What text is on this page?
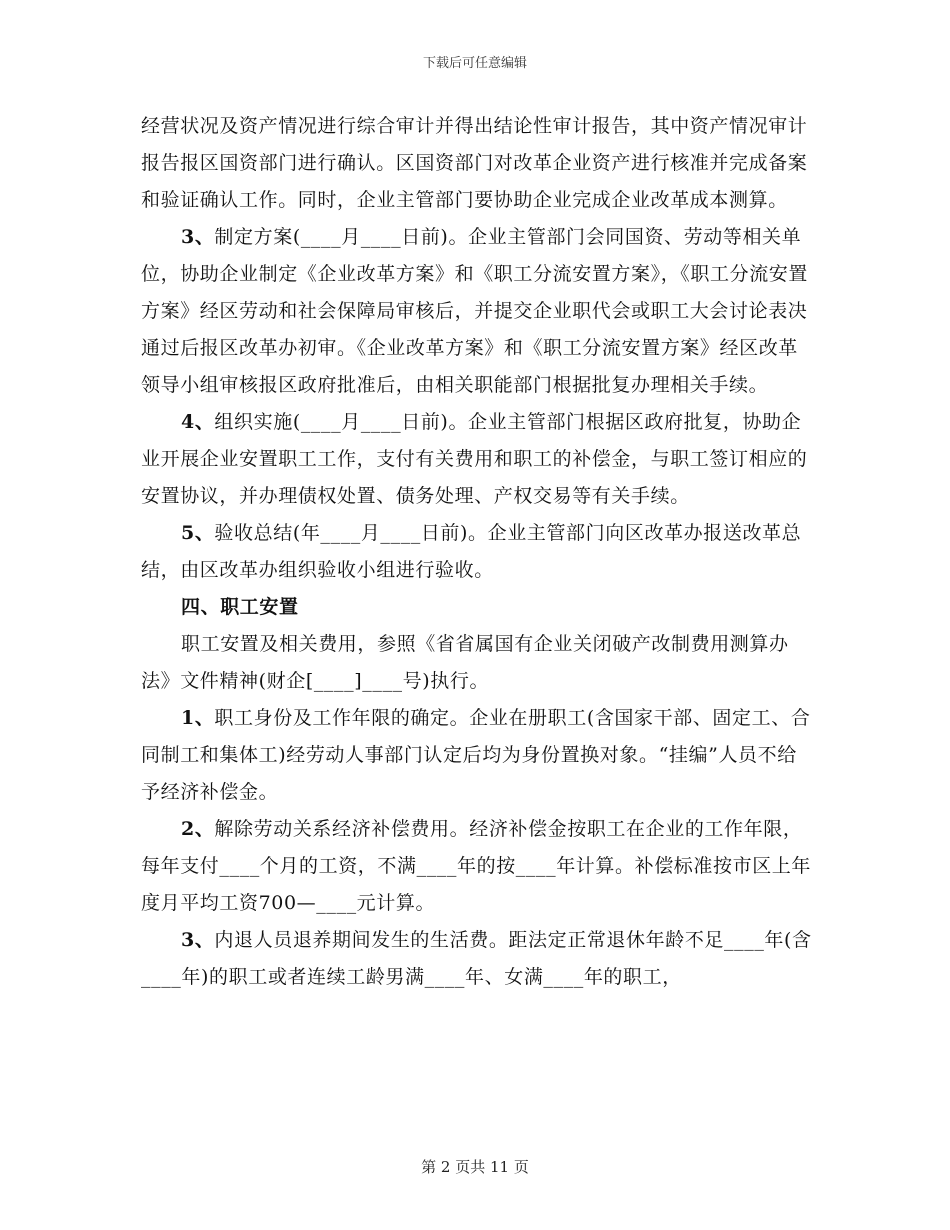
下载后可任意编辑

经营状况及资产情况进行综合审计并得出结论性审计报告，其中资产情况审计报告报区国资部门进行确认。区国资部门对改革企业资产进行核准并完成备案和验证确认工作。同时，企业主管部门要协助企业完成企业改革成本测算。

3、制定方案(____月____日前)。企业主管部门会同国资、劳动等相关单位，协助企业制定《企业改革方案》和《职工分流安置方案》，《职工分流安置方案》经区劳动和社会保障局审核后，并提交企业职代会或职工大会讨论表决通过后报区改革办初审。《企业改革方案》和《职工分流安置方案》经区改革领导小组审核报区政府批准后，由相关职能部门根据批复办理相关手续。

4、组织实施(____月____日前)。企业主管部门根据区政府批复，协助企业开展企业安置职工工作，支付有关费用和职工的补偿金，与职工签订相应的安置协议，并办理债权处置、债务处理、产权交易等有关手续。

5、验收总结(年____月____日前)。企业主管部门向区改革办报送改革总结，由区改革办组织验收小组进行验收。

四、职工安置

职工安置及相关费用，参照《省省属国有企业关闭破产改制费用测算办法》文件精神(财企[____]____号)执行。

1、职工身份及工作年限的确定。企业在册职工(含国家干部、固定工、合同制工和集体工)经劳动人事部门认定后均为身份置换对象。“挂编”人员不给予经济补偿金。

2、解除劳动关系经济补偿费用。经济补偿金按职工在企业的工作年限，每年支付____个月的工资，不满____年的按____年计算。补偿标准按市区上年度月平均工资700—____元计算。

3、内退人员退养期间发生的生活费。距法定正常退休年龄不足____年(含____年)的职工或者连续工龄男满____年、女满____年的职工，

第 2 页共 11 页
